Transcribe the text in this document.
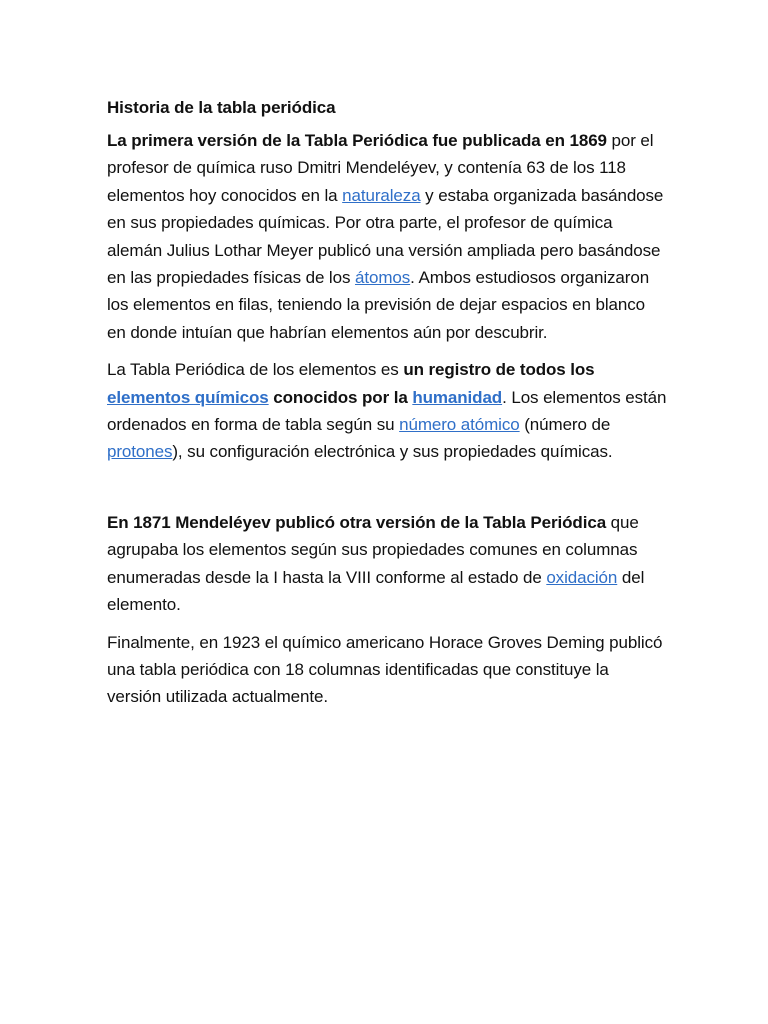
Historia de la tabla periódica
La primera versión de la Tabla Periódica fue publicada en 1869 por el profesor de química ruso Dmitri Mendeléyev, y contenía 63 de los 118 elementos hoy conocidos en la naturaleza y estaba organizada basándose en sus propiedades químicas. Por otra parte, el profesor de química alemán Julius Lothar Meyer publicó una versión ampliada pero basándose en las propiedades físicas de los átomos. Ambos estudiosos organizaron los elementos en filas, teniendo la previsión de dejar espacios en blanco en donde intuían que habrían elementos aún por descubrir.
La Tabla Periódica de los elementos es un registro de todos los elementos químicos conocidos por la humanidad. Los elementos están ordenados en forma de tabla según su número atómico (número de protones), su configuración electrónica y sus propiedades químicas.
En 1871 Mendeléyev publicó otra versión de la Tabla Periódica que agrupaba los elementos según sus propiedades comunes en columnas enumeradas desde la I hasta la VIII conforme al estado de oxidación del elemento.
Finalmente, en 1923 el químico americano Horace Groves Deming publicó una tabla periódica con 18 columnas identificadas que constituye la versión utilizada actualmente.
